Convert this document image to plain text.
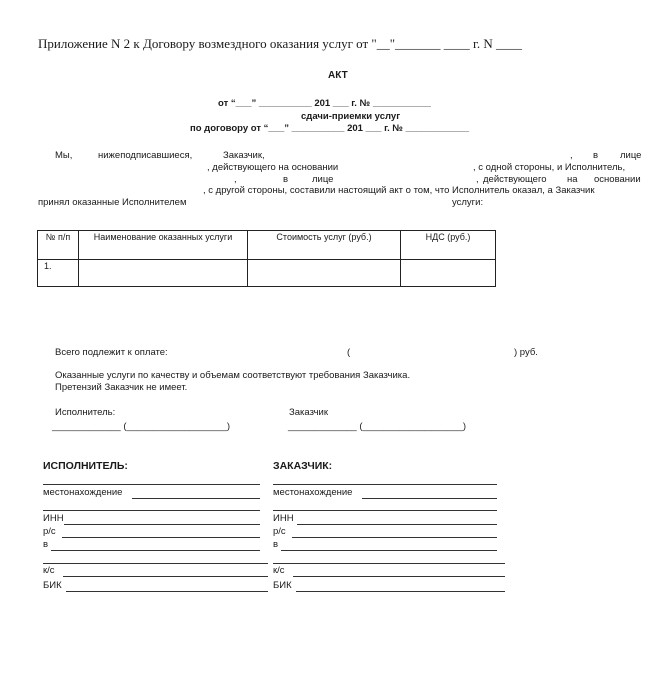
Приложение N 2 к Договору возмездного оказания услуг от "__"_______ ____ г. N ____
АКТ
от “___” __________ 201 ___ г. № ___________
сдачи-приемки услуг
по договору от “___” __________ 201 ___ г. № ____________
Мы,	нижеподписавшиеся,	Заказчик,	, в лице
, действующего на основании	, с одной стороны, и Исполнитель,
,	в	лице	, действующего на основании
, с другой стороны, составили настоящий акт о том, что Исполнитель оказал, а Заказчик
принял оказанные Исполнителем	услуги:
№ п/п	Наименование оказанных услуги	Стоимость услуг (руб.)	НДС (руб.)

1.			
Всего подлежит к оплате:	(	) руб.
Оказанные услуги по качеству и объемам соответствуют требования Заказчика.
Претензий Заказчик не имеет.
Исполнитель:	Заказчик
_____________ (___________________)	_____________ (___________________)
ИСПОЛНИТЕЛЬ:
местонахождение
ИНН
р/с
в
к/с
БИК
ЗАКАЗЧИК:
местонахождение
ИНН
р/с
в
к/с
БИК
